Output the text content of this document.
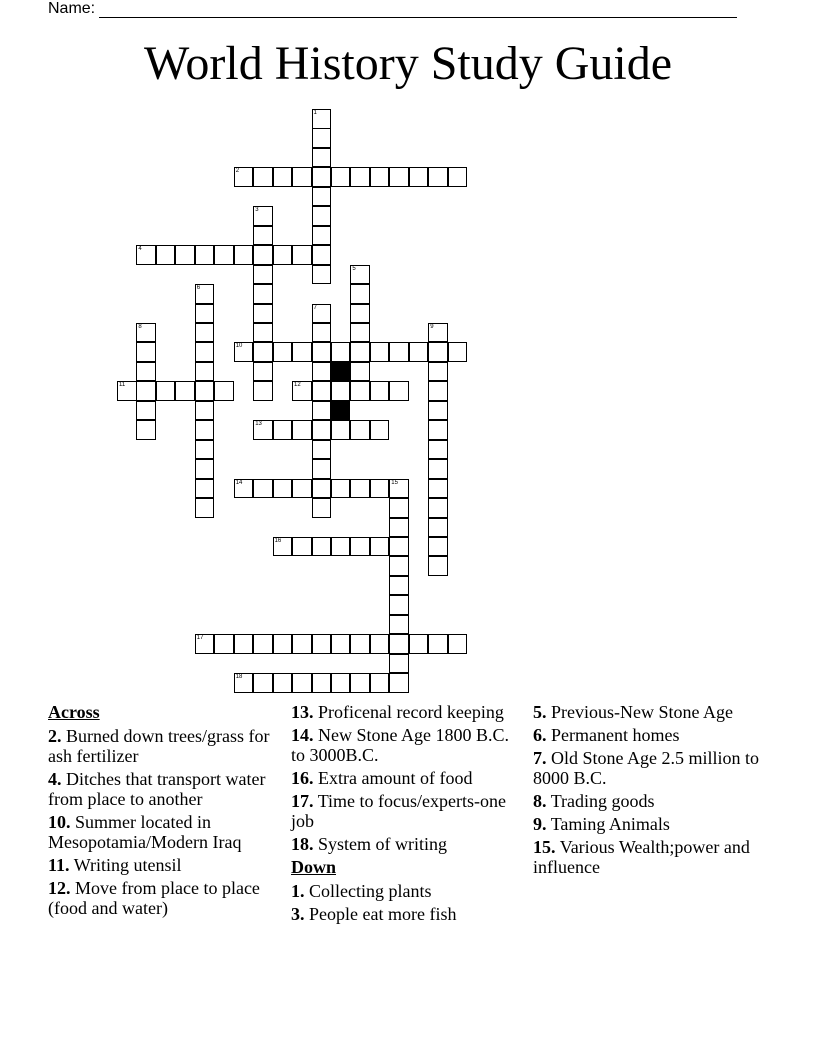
Name:
World History Study Guide
1
2
3
4
5
6
7
8	9
10
11	12
13
14	15
16
17
18
Across
2. Burned down trees/grass for ash fertilizer
4. Ditches that transport water from place to another
10. Summer located in Mesopotamia/Modern Iraq
11. Writing utensil
12. Move from place to place (food and water)
13. Proficenal record keeping
14. New Stone Age 1800 B.C. to 3000B.C.
16. Extra amount of food
17. Time to focus/experts-one job
18. System of writing
Down
1. Collecting plants
3. People eat more fish
5. Previous-New Stone Age
6. Permanent homes
7. Old Stone Age 2.5 million to 8000 B.C.
8. Trading goods
9. Taming Animals
15. Various Wealth;power and influence
